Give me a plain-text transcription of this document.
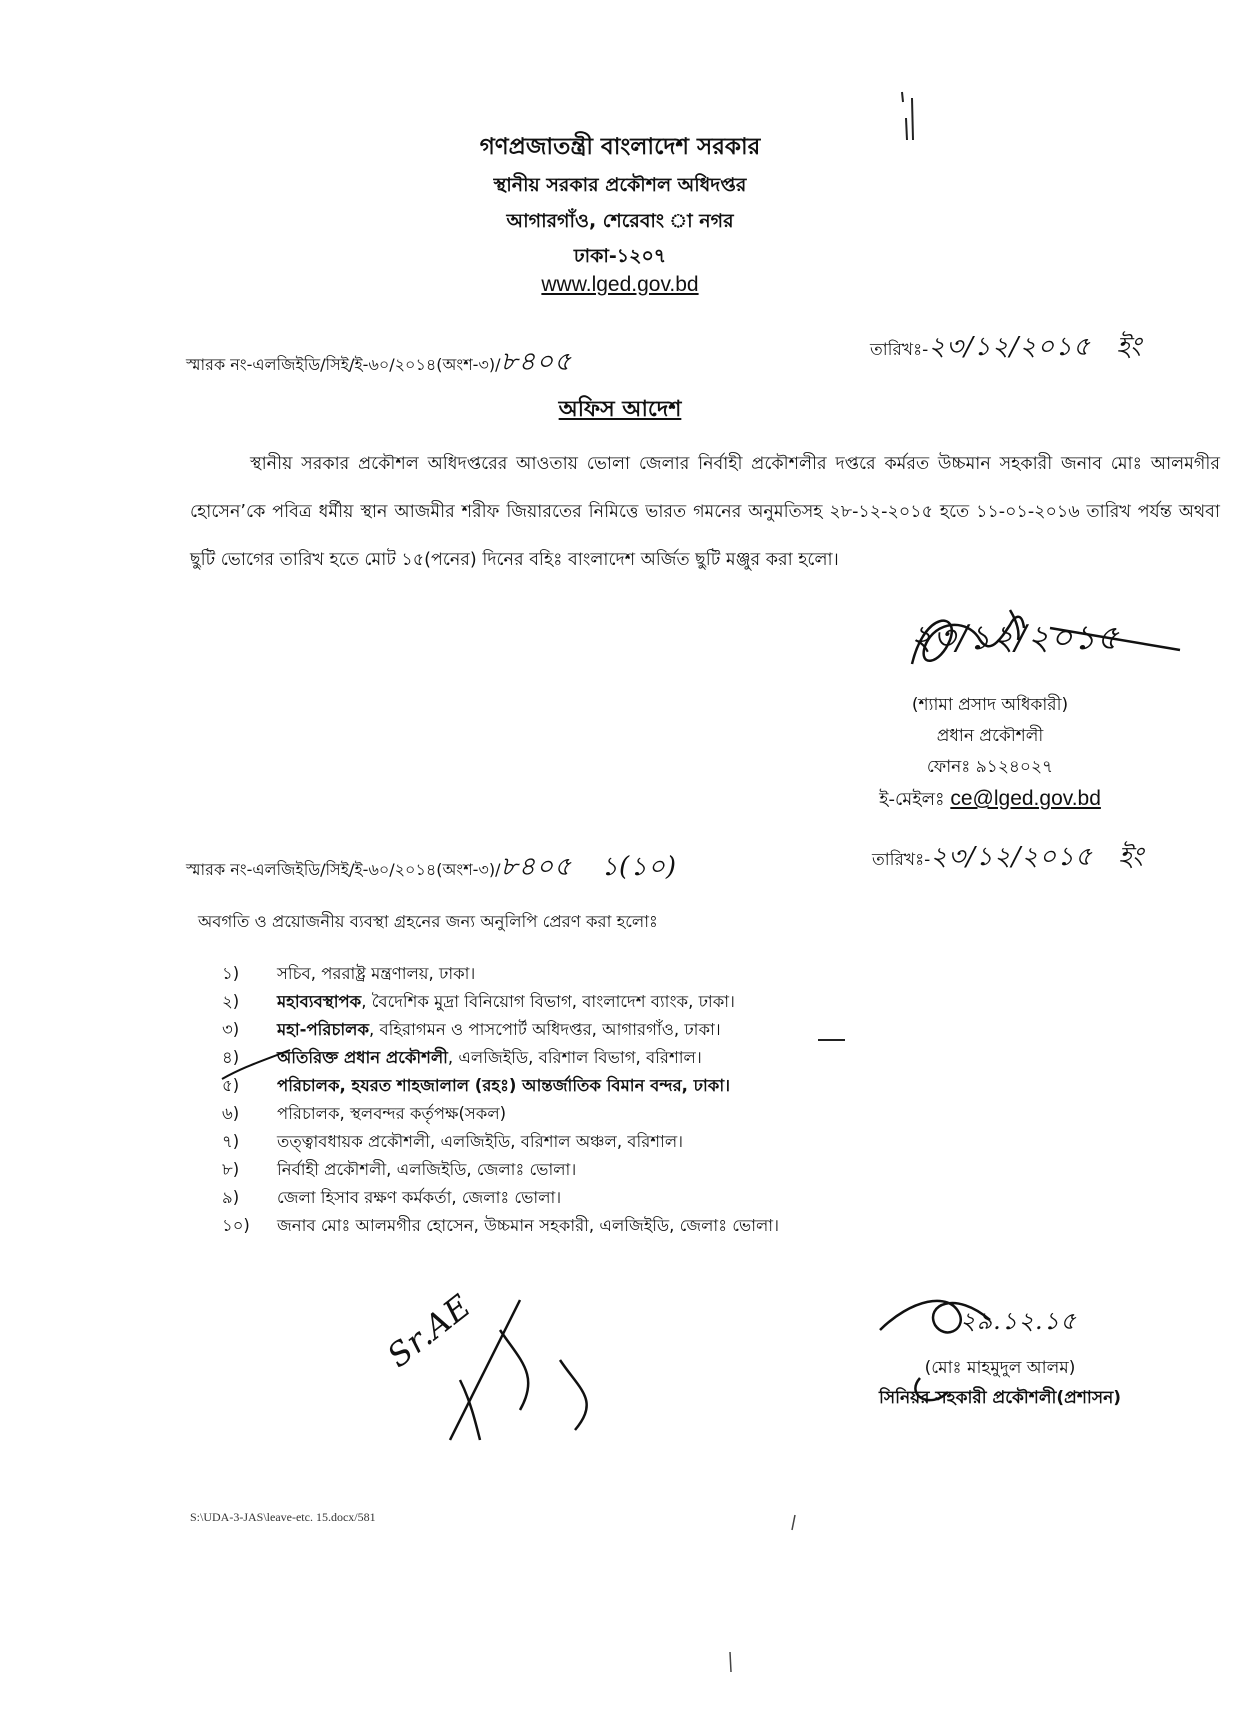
গণপ্রজাতন্ত্রী বাংলাদেশ সরকার
স্থানীয় সরকার প্রকৌশল অধিদপ্তর
আগারগাঁও, শেরেবাং া নগর
ঢাকা-১২০৭
www.lged.gov.bd
স্মারক নং-এলজিইডি/সিই/ই-৬০/২০১৪(অংশ-৩)/৮৪০৫	তারিখঃ-২৩/১২/২০১৫ ইং
অফিস আদেশ
স্থানীয় সরকার প্রকৌশল অধিদপ্তরের আওতায় ভোলা জেলার নির্বাহী প্রকৌশলীর দপ্তরে কর্মরত উচ্চমান সহকারী জনাব মোঃ আলমগীর হোসেন’কে পবিত্র ধর্মীয় স্থান আজমীর শরীফ জিয়ারতের নিমিত্তে ভারত গমনের অনুমতিসহ ২৮-১২-২০১৫ হতে ১১-০১-২০১৬ তারিখ পর্যন্ত অথবা ছুটি ভোগের তারিখ হতে মোট ১৫(পনের) দিনের বহিঃ বাংলাদেশ অর্জিত ছুটি মঞ্জুর করা হলো।
২৩/১২/২০১৫
(শ্যামা প্রসাদ অধিকারী)
প্রধান প্রকৌশলী
ফোনঃ ৯১২৪০২৭
ই-মেইলঃ ce@lged.gov.bd
স্মারক নং-এলজিইডি/সিই/ই-৬০/২০১৪(অংশ-৩)/৮৪০৫ ১(১০)	তারিখঃ-২৩/১২/২০১৫ ইং
অবগতি ও প্রয়োজনীয় ব্যবস্থা গ্রহনের জন্য অনুলিপি প্রেরণ করা হলোঃ
১) সচিব, পররাষ্ট্র মন্ত্রণালয়, ঢাকা।
২) মহাব্যবস্থাপক, বৈদেশিক মুদ্রা বিনিয়োগ বিভাগ, বাংলাদেশ ব্যাংক, ঢাকা।
৩) মহা-পরিচালক, বহিরাগমন ও পাসপোর্ট অধিদপ্তর, আগারগাঁও, ঢাকা।
৪) অতিরিক্ত প্রধান প্রকৌশলী, এলজিইডি, বরিশাল বিভাগ, বরিশাল।
৫) পরিচালক, হযরত শাহজালাল (রহঃ) আন্তর্জাতিক বিমান বন্দর, ঢাকা।
৬) পরিচালক, স্থলবন্দর কর্তৃপক্ষ(সকল)
৭) তত্ত্বাবধায়ক প্রকৌশলী, এলজিইডি, বরিশাল অঞ্চল, বরিশাল।
৮) নির্বাহী প্রকৌশলী, এলজিইডি, জেলাঃ ভোলা।
৯) জেলা হিসাব রক্ষণ কর্মকর্তা, জেলাঃ ভোলা।
১০) জনাব মোঃ আলমগীর হোসেন, উচ্চমান সহকারী, এলজিইডি, জেলাঃ ভোলা।
২৯.১২.১৫
(মোঃ মাহমুদুল আলম)
সিনিয়র সহকারী প্রকৌশলী(প্রশাসন)
Sr.AE
S:\UDA-3-JAS\leave-etc. 15.docx/581
